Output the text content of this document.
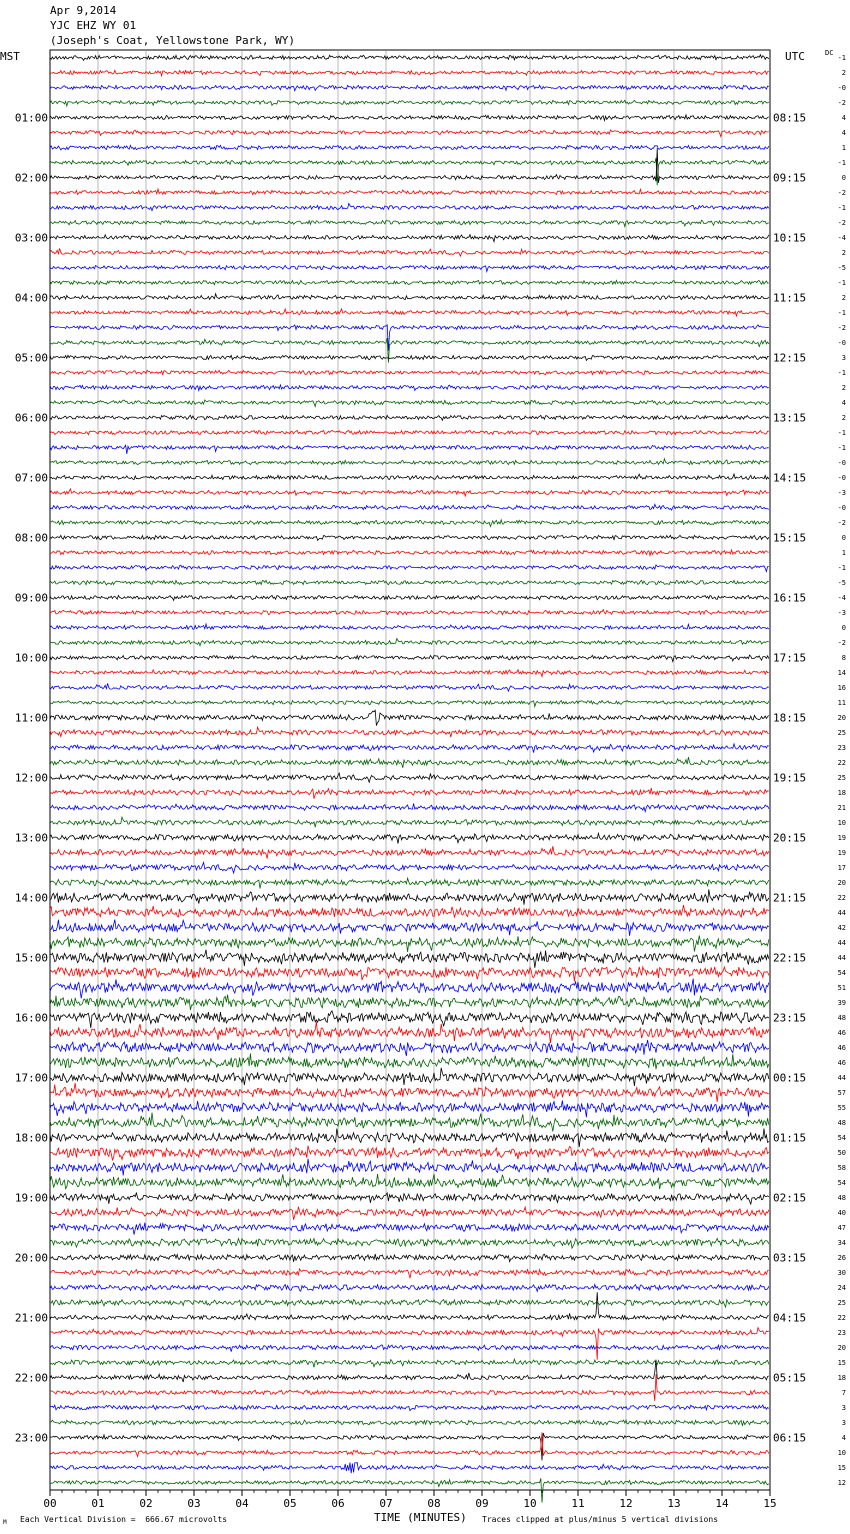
Apr 9,2014
YJC EHZ WY 01
(Joseph's Coat, Yellowstone Park, WY)
MST	UTC	DC
01:00
02:00
03:00
04:00
05:00
06:00
07:00
08:00
09:00
10:00
11:00
12:00
13:00
14:00
15:00
16:00
17:00
18:00
19:00
20:00
21:00
22:00
23:00
08:15
09:15
10:15
11:15
12:15
13:15
14:15
15:15
16:15
17:15
18:15
19:15
20:15
21:15
22:15
23:15
00:15
01:15
02:15
03:15
04:15
05:15
06:15
-1
2
-0
-2
4
4
1
-1
0
-2
-1
-2
-4
2
-5
-1
2
-1
-2
-0
3
-1
2
4
2
-1
-1
-0
-0
-3
-0
-2
0
1
-1
-5
-4
-3
0
-2
8
14
16
11
20
25
23
22
25
18
21
10
19
19
17
20
22
44
42
44
44
54
51
39
48
46
46
46
44
57
55
48
54
50
58
54
48
40
47
34
26
30
24
25
22
23
20
15
18
7
3
3
4
10
15
12
00	01	02	03	04	05	06	07	08	09	10	11	12	13	14	15
M Each Vertical Division =  666.67 microvolts	TIME (MINUTES) Traces clipped at plus/minus 5 vertical divisions
